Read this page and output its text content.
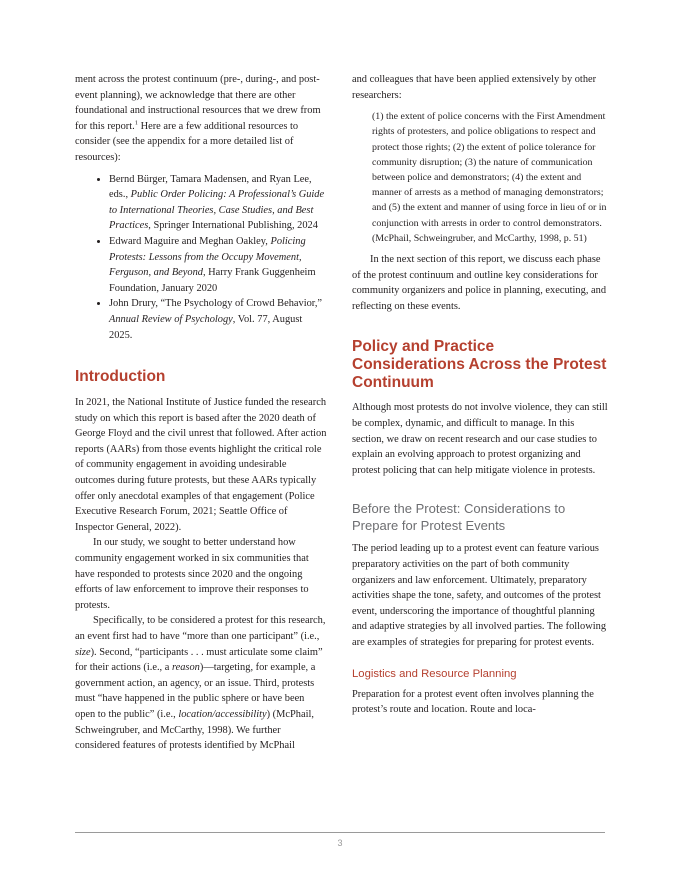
ment across the protest continuum (pre-, during-, and post-event planning), we acknowledge that there are other foundational and instructional resources that we drew from for this report.$^1$ Here are a few additional resources to consider (see the appendix for a more detailed list of resources):

• Bernd Bürger, Tamara Madensen, and Ryan Lee, eds., Public Order Policing: A Professional’s Guide to International Theories, Case Studies, and Best Practices, Springer International Publishing, 2024
• Edward Maguire and Meghan Oakley, Policing Protests: Lessons from the Occupy Movement, Ferguson, and Beyond, Harry Frank Guggenheim Foundation, January 2020
• John Drury, “The Psychology of Crowd Behavior,” Annual Review of Psychology, Vol. 77, August 2025.
Introduction

In 2021, the National Institute of Justice funded the research study on which this report is based after the 2020 death of George Floyd and the civil unrest that followed. After action reports (AARs) from those events highlight the critical role of community engagement in avoiding undesirable outcomes during future protests, but these AARs typically offer only anecdotal examples of that engagement (Police Executive Research Forum, 2021; Seattle Office of Inspector General, 2022).

In our study, we sought to better understand how community engagement worked in six communities that have responded to protests since 2020 and the ongoing efforts of law enforcement to improve their responses to protests.

Specifically, to be considered a protest for this research, an event first had to have “more than one participant” (i.e., size). Second, “participants . . . must articulate some claim” for their actions (i.e., a reason)—targeting, for example, a government action, an agency, or an issue. Third, protests must “have happened in the public sphere or have been open to the public” (i.e., location/accessibility) (McPhail, Schweingruber, and McCarthy, 1998). We further considered features of protests identified by McPhail

and colleagues that have been applied extensively by other researchers:

(1) the extent of police concerns with the First Amendment rights of protesters, and police obligations to respect and protect those rights; (2) the extent of police tolerance for community disruption; (3) the nature of communication between police and demonstrators; (4) the extent and manner of arrests as a method of managing demonstrators; and (5) the extent and manner of using force in lieu of or in conjunction with arrests in order to control demonstrators. (McPhail, Schweingruber, and McCarthy, 1998, p. 51)

In the next section of this report, we discuss each phase of the protest continuum and outline key considerations for community organizers and police in planning, executing, and reflecting on these events.

Policy and Practice Considerations Across the Protest Continuum

Although most protests do not involve violence, they can still be complex, dynamic, and difficult to manage. In this section, we draw on recent research and our case studies to explain an evolving approach to protest organizing and protest policing that can help mitigate violence in protests.

Before the Protest: Considerations to Prepare for Protest Events

The period leading up to a protest event can feature various preparatory activities on the part of both community organizers and law enforcement. Ultimately, preparatory activities shape the tone, safety, and outcomes of the protest event, underscoring the importance of thoughtful planning and adaptive strategies by all involved parties. The following are examples of strategies for preparing for protest events.

Logistics and Resource Planning

Preparation for a protest event often involves planning the protest’s route and location. Route and loca-

3
